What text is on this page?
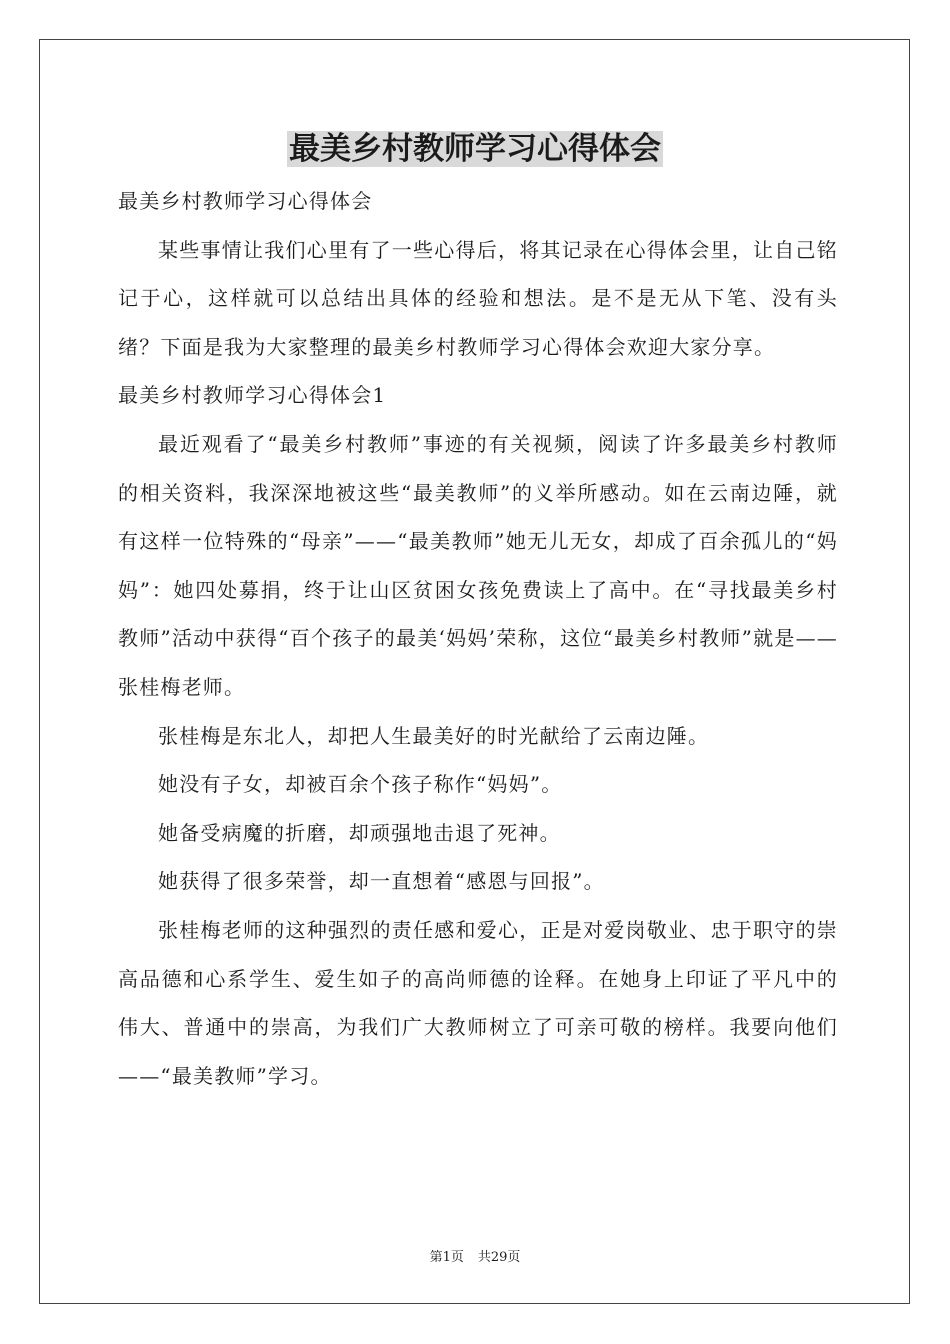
最美乡村教师学习心得体会

最美乡村教师学习心得体会

某些事情让我们心里有了一些心得后，将其记录在心得体会里，让自己铭记于心，这样就可以总结出具体的经验和想法。是不是无从下笔、没有头绪？下面是我为大家整理的最美乡村教师学习心得体会欢迎大家分享。

最美乡村教师学习心得体会1

最近观看了“最美乡村教师”事迹的有关视频，阅读了许多最美乡村教师的相关资料，我深深地被这些“最美教师”的义举所感动。如在云南边陲，就有这样一位特殊的“母亲”——“最美教师”她无儿无女，却成了百余孤儿的“妈妈”：她四处募捐，终于让山区贫困女孩免费读上了高中。在“寻找最美乡村教师”活动中获得“百个孩子的最美‘妈妈’荣称，这位“最美乡村教师”就是——张桂梅老师。

张桂梅是东北人，却把人生最美好的时光献给了云南边陲。

她没有子女，却被百余个孩子称作“妈妈”。

她备受病魔的折磨，却顽强地击退了死神。

她获得了很多荣誉，却一直想着“感恩与回报”。

张桂梅老师的这种强烈的责任感和爱心，正是对爱岗敬业、忠于职守的崇高品德和心系学生、爱生如子的高尚师德的诠释。在她身上印证了平凡中的伟大、普通中的崇高，为我们广大教师树立了可亲可敬的榜样。我要向他们——“最美教师”学习。

第1页 共29页
